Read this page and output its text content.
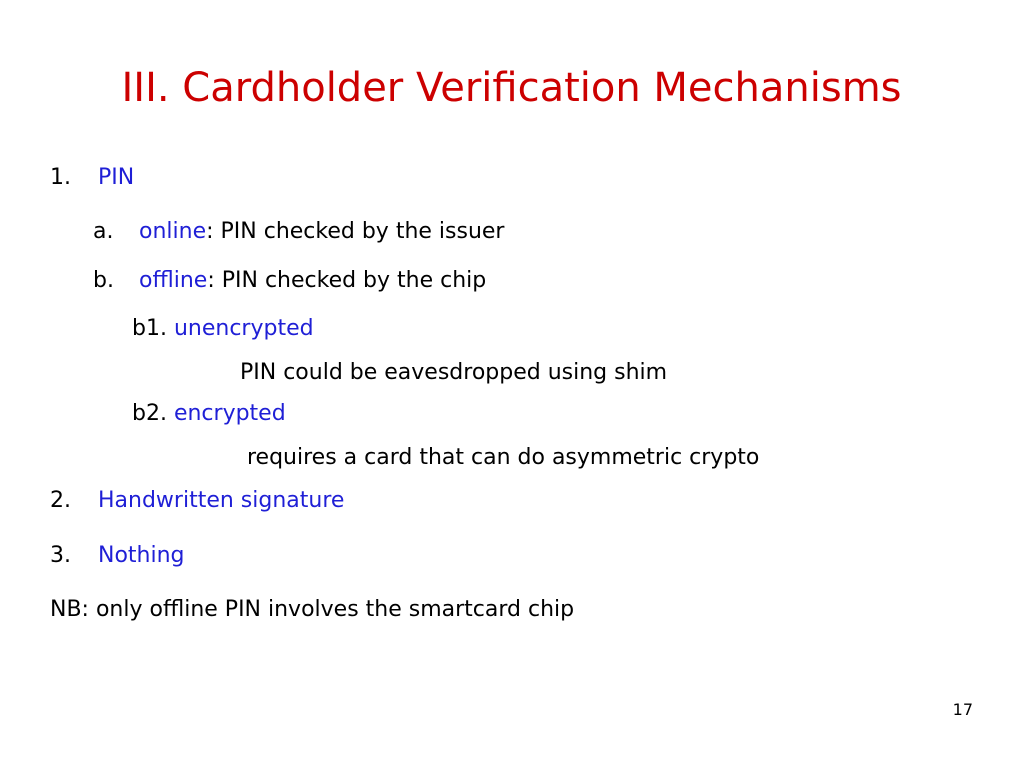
III. Cardholder Verification Mechanisms
1. PIN
a. online: PIN checked by the issuer
b. offline: PIN checked by the chip
b1. unencrypted
PIN could be eavesdropped using shim
b2. encrypted
requires a card that can do asymmetric crypto
2. Handwritten signature
3. Nothing
NB: only offline PIN involves the smartcard chip
17
